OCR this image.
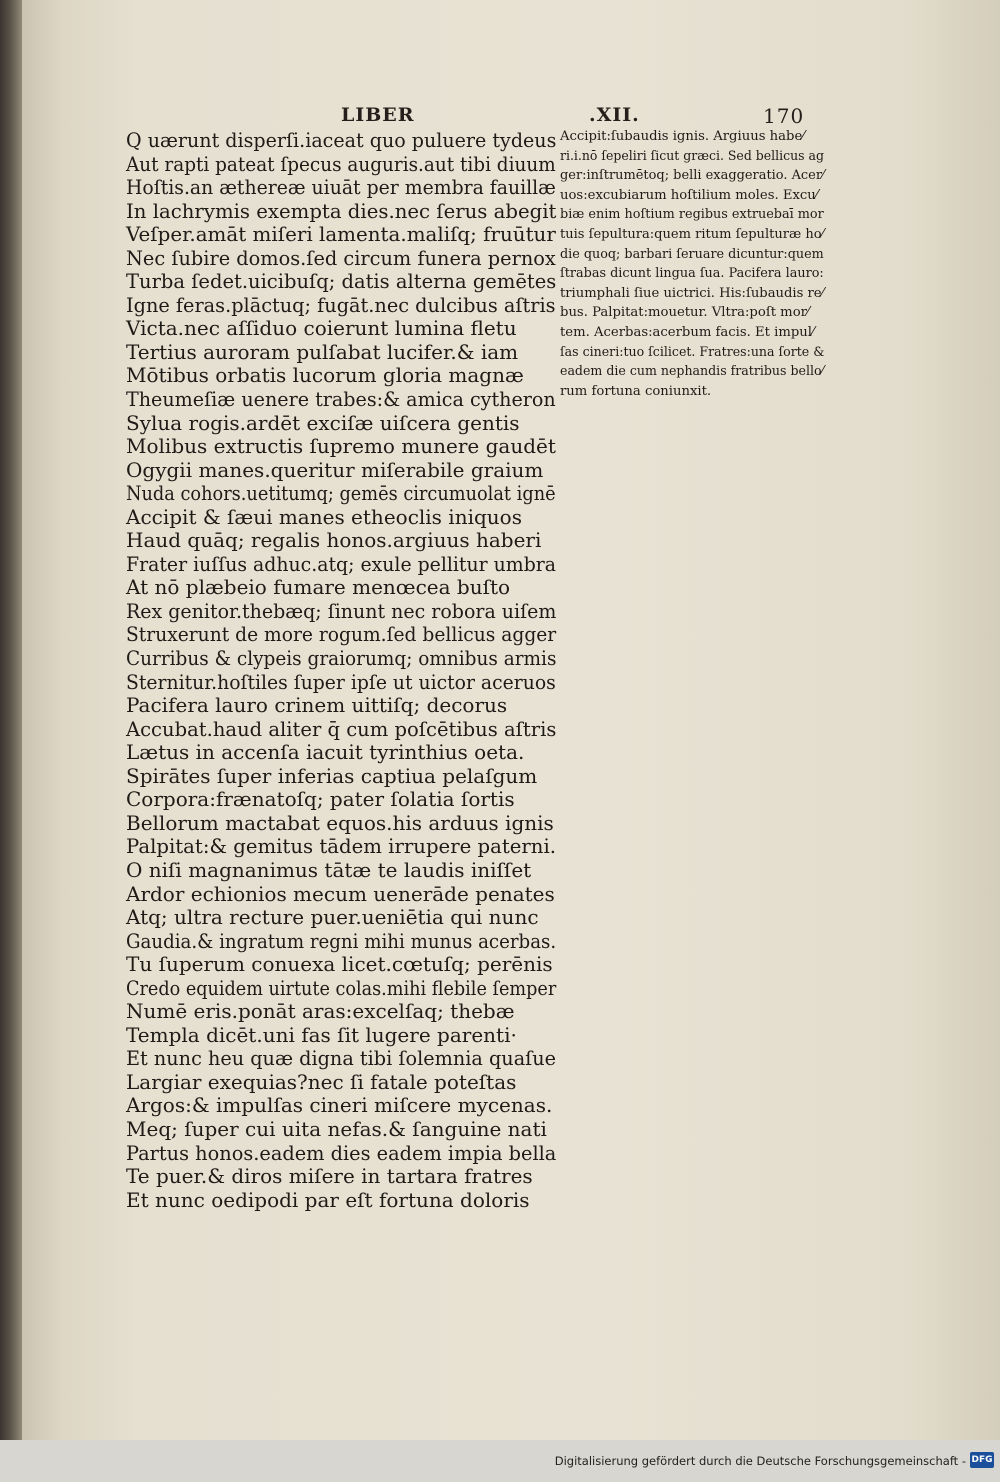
LIBER	.XII.	170
Q uærunt disperſi.iaceat quo puluere tydeus
Aut rapti pateat ſpecus auguris.aut tibi diuum
Hoſtis.an æthereæ uiuāt per membra fauillæ
In lachrymis exempta dies.nec ſerus abegit
Veſper.amāt miſeri lamenta.maliſq; fruūtur
Nec ſubire domos.ſed circum funera pernox
Turba ſedet.uicibuſq; datis alterna gemētes
Igne feras.plāctuq; fugāt.nec dulcibus aſtris
Victa.nec aſſiduo coierunt lumina fletu
Tertius auroram pulſabat lucifer.& iam
Mōtibus orbatis lucorum gloria magnæ
Theumeſiæ uenere trabes:& amica cytheron
Sylua rogis.ardēt exciſæ uiſcera gentis
Molibus extructis ſupremo munere gaudēt
Ogygii manes.queritur miſerabile graium
Nuda cohors.uetitumq; gemēs circumuolat ignē
Accipit & ſæui manes etheoclis iniquos
Haud quāq; regalis honos.argiuus haberi
Frater iuſſus adhuc.atq; exule pellitur umbra
At nō plæbeio fumare menœcea buſto
Rex genitor.thebæq; ſinunt nec robora uiſem
Struxerunt de more rogum.ſed bellicus agger
Curribus & clypeis graiorumq; omnibus armis
Sternitur.hoſtiles ſuper ipſe ut uictor aceruos
Pacifera lauro crinem uittiſq; decorus
Accubat.haud aliter q̄ cum poſcētibus aſtris
Lætus in accenſa iacuit tyrinthius oeta.
Spirātes ſuper inferias captiua pelaſgum
Corpora:frænatoſq; pater ſolatia ſortis
Bellorum mactabat equos.his arduus ignis
Palpitat:& gemitus tādem irrupere paterni.
O niſi magnanimus tātæ te laudis iniſſet
Ardor echionios mecum uenerāde penates
Atq; ultra recture puer.ueniētia qui nunc
Gaudia.& ingratum regni mihi munus acerbas.
Tu ſuperum conuexa licet.cœtuſq; perēnis
Credo equidem uirtute colas.mihi flebile ſemper
Numē eris.ponāt aras:excelſaq; thebæ
Templa dicēt.uni fas ſit lugere parenti·
Et nunc heu quæ digna tibi ſolemnia quaſue
Largiar exequias?nec ſi fatale poteſtas
Argos:& impulſas cineri miſcere mycenas.
Meq; ſuper cui uita nefas.& ſanguine nati
Partus honos.eadem dies eadem impia bella
Te puer.& diros miſere in tartara fratres
Et nunc oedipodi par eſt fortuna doloris
Accipit:ſubaudis ignis. Argiuus habe⁄
ri.i.nō ſepeliri ſicut græci. Sed bellicus ag
ger:inſtrumētoq; belli exaggeratio. Acer⁄
uos:excubiarum hoſtilium moles. Excu⁄
biæ enim hoſtium regibus extruebaī mor
tuis ſepultura:quem ritum ſepulturæ ho⁄
die quoq; barbari ſeruare dicuntur:quem
ſtrabas dicunt lingua ſua. Pacifera lauro:
triumphali ſiue uictrici. His:ſubaudis re⁄
bus. Palpitat:mouetur. Vltra:poſt mor⁄
tem. Acerbas:acerbum facis. Et impul⁄
ſas cineri:tuo ſcilicet. Fratres:una ſorte &
eadem die cum nephandis fratribus bello⁄
rum fortuna coniunxit.
Digitalisierung gefördert durch die Deutsche Forschungsgemeinschaft - DFG
